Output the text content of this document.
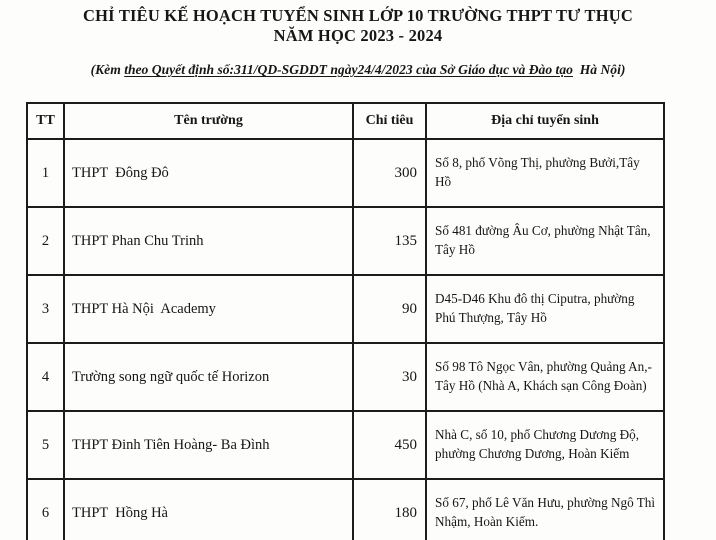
CHỈ TIÊU KẾ HOẠCH TUYỂN SINH LỚP 10 TRƯỜNG THPT TƯ THỤC
NĂM HỌC 2023 - 2024
(Kèm theo Quyết định số:311/QD-SGDDT ngày24/4/2023 của Sở Giáo dục và Đào tạo  Hà Nội)
TT	Tên trường	Chỉ tiêu	Địa chỉ tuyển sinh
1	THPT  Đông Đô	300	Số 8, phố Võng Thị, phường Bưởi,Tây Hồ
2	THPT Phan Chu Trinh	135	Số 481 đường Âu Cơ, phường Nhật Tân, Tây Hồ
3	THPT Hà Nội  Academy	90	D45-D46 Khu đô thị Ciputra, phường Phú Thượng, Tây Hồ
4	Trường song ngữ quốc tế Horizon	30	Số 98 Tô Ngọc Vân, phường Quảng An,- Tây Hồ (Nhà A, Khách sạn Công Đoàn)
5	THPT Đinh Tiên Hoàng- Ba Đình	450	Nhà C, số 10, phố Chương Dương Độ, phường Chương Dương, Hoàn Kiếm
6	THPT  Hồng Hà	180	Số 67, phố Lê Văn Hưu, phường Ngô Thì Nhậm, Hoàn Kiếm.
